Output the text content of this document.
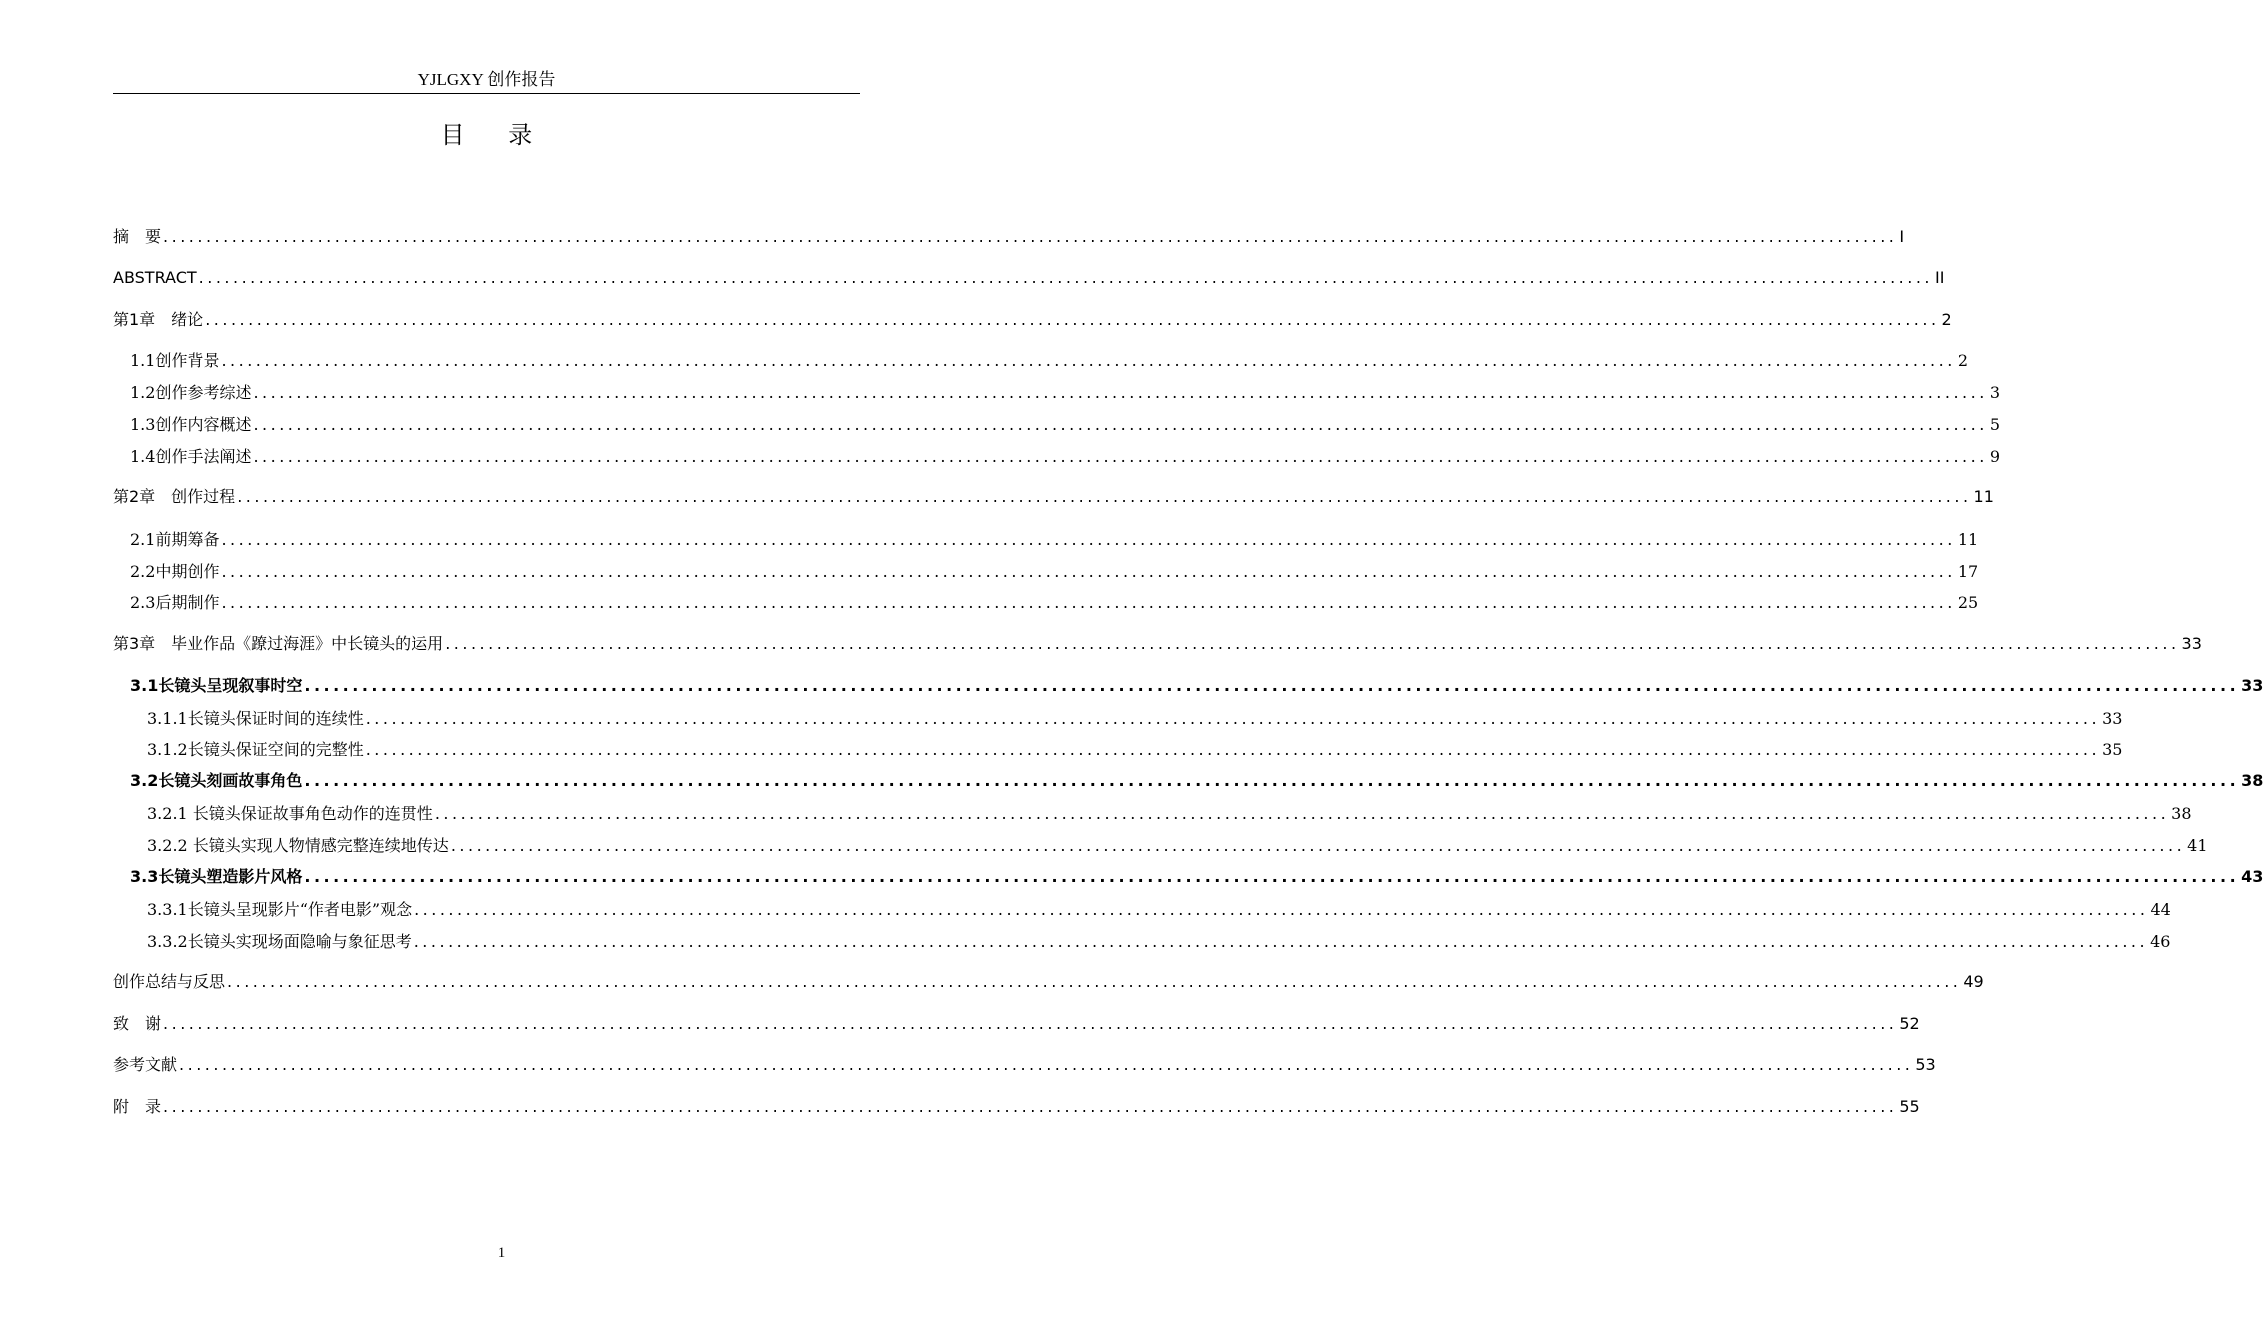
YJLGXY 创作报告
目 录
摘　要 .......................................................................................................................................................................................................... I
ABSTRACT .......................................................................................................................................................................................................... II
第1章　绪论 .......................................................................................................................................................................................................... 2
1.1创作背景 .......................................................................................................................................................................................................... 2
1.2创作参考综述 .......................................................................................................................................................................................................... 3
1.3创作内容概述 .......................................................................................................................................................................................................... 5
1.4创作手法阐述 .......................................................................................................................................................................................................... 9
第2章　创作过程 .......................................................................................................................................................................................................... 11
2.1前期筹备 .......................................................................................................................................................................................................... 11
2.2中期创作 .......................................................................................................................................................................................................... 17
2.3后期制作 .......................................................................................................................................................................................................... 25
第3章　毕业作品《蹽过海涯》中长镜头的运用 .......................................................................................................................................................................................................... 33
3.1长镜头呈现叙事时空 .......................................................................................................................................................................................................... 33
3.1.1长镜头保证时间的连续性 .......................................................................................................................................................................................................... 33
3.1.2长镜头保证空间的完整性 .......................................................................................................................................................................................................... 35
3.2长镜头刻画故事角色 .......................................................................................................................................................................................................... 38
3.2.1 长镜头保证故事角色动作的连贯性 .......................................................................................................................................................................................................... 38
3.2.2 长镜头实现人物情感完整连续地传达 .......................................................................................................................................................................................................... 41
3.3长镜头塑造影片风格 .......................................................................................................................................................................................................... 43
3.3.1长镜头呈现影片“作者电影”观念 .......................................................................................................................................................................................................... 44
3.3.2长镜头实现场面隐喻与象征思考 .......................................................................................................................................................................................................... 46
创作总结与反思 .......................................................................................................................................................................................................... 49
致　谢 .......................................................................................................................................................................................................... 52
参考文献 .......................................................................................................................................................................................................... 53
附　录 .......................................................................................................................................................................................................... 55
1
